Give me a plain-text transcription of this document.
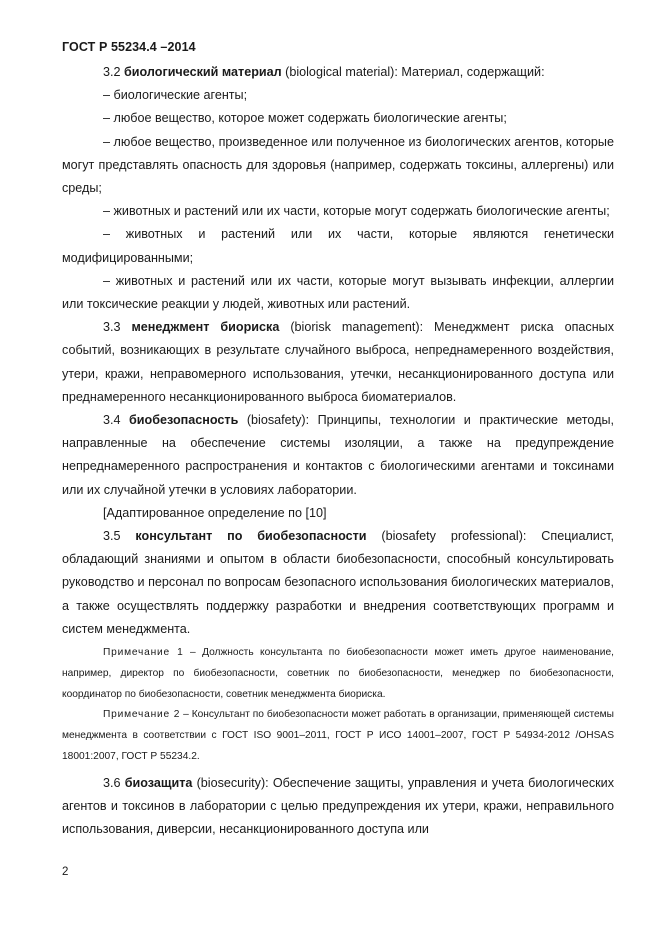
ГОСТ Р 55234.4 –2014

3.2 биологический материал (biological material): Материал, содержащий:

– биологические агенты;

– любое вещество, которое может содержать биологические агенты;

– любое вещество, произведенное или полученное из биологических агентов, которые могут представлять опасность для здоровья (например, содержать токсины, аллергены) или среды;

– животных и растений или их части, которые могут содержать биологические агенты;

– животных и растений или их части, которые являются генетически модифицированными;

– животных и растений или их части, которые могут вызывать инфекции, аллергии или токсические реакции у людей, животных или растений.

3.3 менеджмент биориска (biorisk management): Менеджмент риска опасных событий, возникающих в результате случайного выброса, непреднамеренного воздействия, утери, кражи, неправомерного использования, утечки, несанкционированного доступа или преднамеренного несанкционированного выброса биоматериалов.

3.4 биобезопасность (biosafety): Принципы, технологии и практические методы, направленные на обеспечение системы изоляции, а также на предупреждение непреднамеренного распространения и контактов с биологическими агентами и токсинами или их случайной утечки в условиях лаборатории.

[Адаптированное определение по [10]

3.5 консультант по биобезопасности (biosafety professional): Специалист, обладающий знаниями и опытом в области биобезопасности, способный консультировать руководство и персонал по вопросам безопасного использования биологических материалов, а также осуществлять поддержку разработки и внедрения соответствующих программ и систем менеджмента.

Примечание 1 – Должность консультанта по биобезопасности может иметь другое наименование, например, директор по биобезопасности, советник по биобезопасности, менеджер по биобезопасности, координатор по биобезопасности, советник менеджмента биориска.

Примечание 2 – Консультант по биобезопасности может работать в организации, применяющей системы менеджмента в соответствии с ГОСТ ISO 9001–2011, ГОСТ Р ИСО 14001–2007, ГОСТ Р 54934-2012 /OHSAS 18001:2007, ГОСТ Р 55234.2.

3.6 биозащита (biosecurity): Обеспечение защиты, управления и учета биологических агентов и токсинов в лаборатории с целью предупреждения их утери, кражи, неправильного использования, диверсии, несанкционированного доступа или

2
